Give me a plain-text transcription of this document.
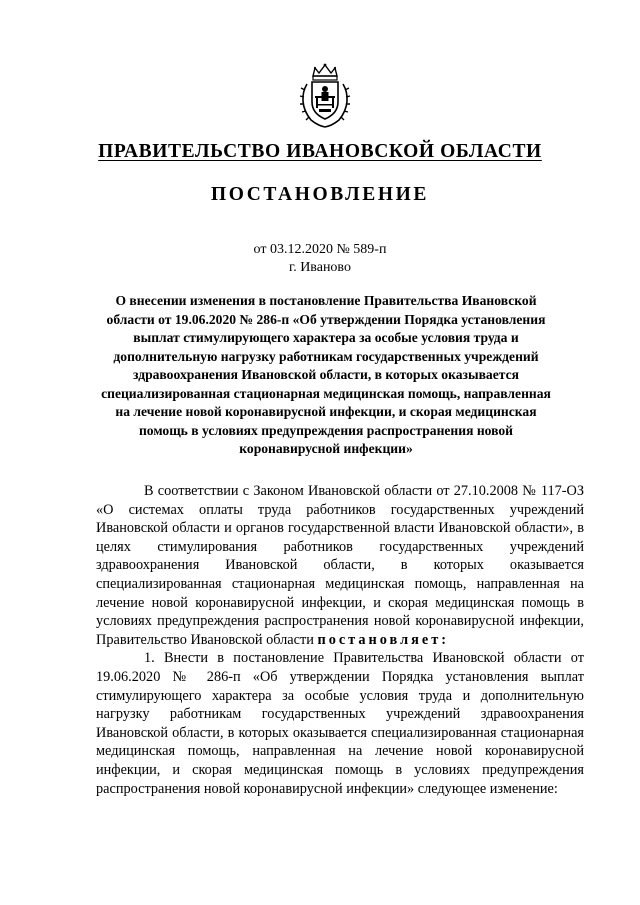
ПРАВИТЕЛЬСТВО ИВАНОВСКОЙ ОБЛАСТИ
ПОСТАНОВЛЕНИЕ
от 03.12.2020 № 589-п
г. Иваново
О внесении изменения в постановление Правительства Ивановской области от 19.06.2020 № 286-п «Об утверждении Порядка установления выплат стимулирующего характера за особые условия труда и дополнительную нагрузку работникам государственных учреждений здравоохранения Ивановской области, в которых оказывается специализированная стационарная медицинская помощь, направленная на лечение новой коронавирусной инфекции, и скорая медицинская помощь в условиях предупреждения распространения новой коронавирусной инфекции»

В соответствии с Законом Ивановской области от 27.10.2008 № 117-ОЗ «О системах оплаты труда работников государственных учреждений Ивановской области и органов государственной власти Ивановской области», в целях стимулирования работников государственных учреждений здравоохранения Ивановской области, в которых оказывается специализированная стационарная медицинская помощь, направленная на лечение новой коронавирусной инфекции, и скорая медицинская помощь в условиях предупреждения распространения новой коронавирусной инфекции, Правительство Ивановской области постановляет:

1. Внести в постановление Правительства Ивановской области от 19.06.2020 № 286-п «Об утверждении Порядка установления выплат стимулирующего характера за особые условия труда и дополнительную нагрузку работникам государственных учреждений здравоохранения Ивановской области, в которых оказывается специализированная стационарная медицинская помощь, направленная на лечение новой коронавирусной инфекции, и скорая медицинская помощь в условиях предупреждения распространения новой коронавирусной инфекции» следующее изменение:
